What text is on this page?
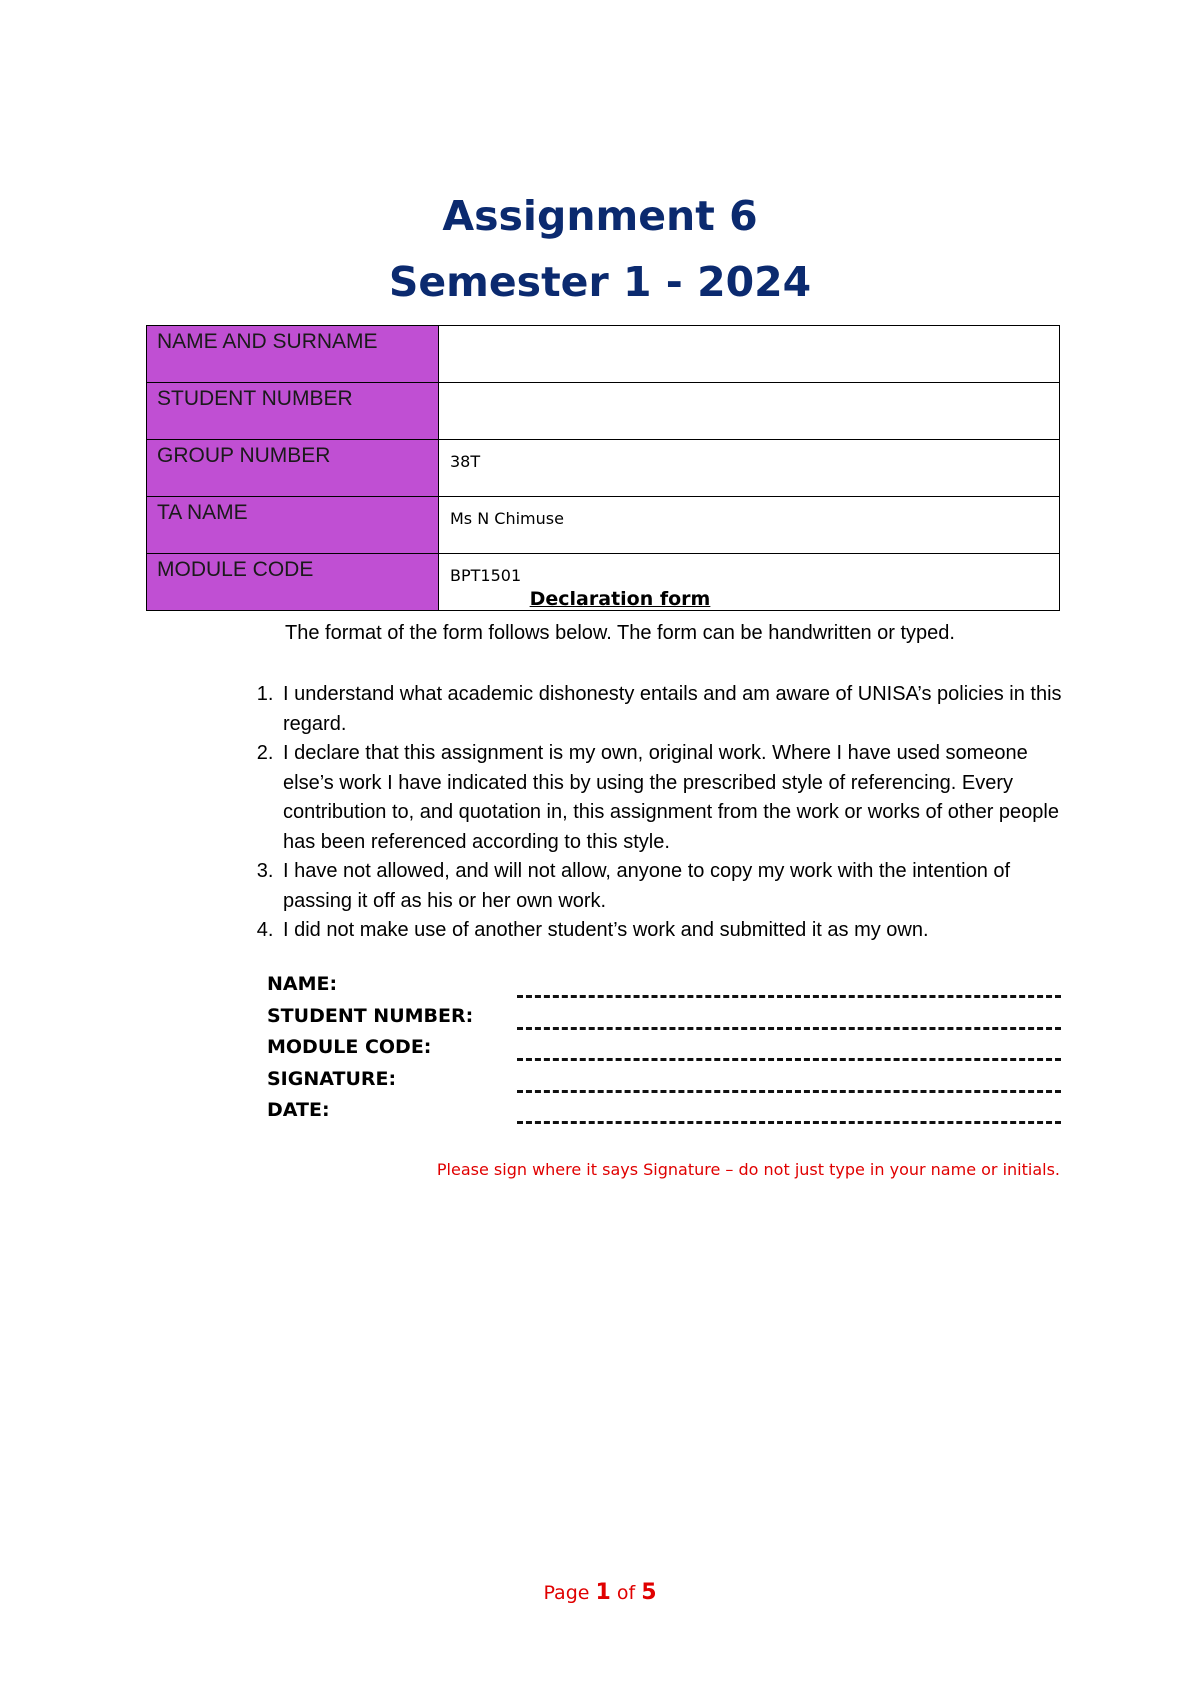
Assignment 6
Semester 1 - 2024
NAME AND SURNAME	
STUDENT NUMBER	
GROUP NUMBER	38T
TA NAME	Ms N Chimuse
MODULE CODE	BPT1501

Declaration form

The format of the form follows below. The form can be handwritten or typed.

1. I understand what academic dishonesty entails and am aware of UNISA’s policies in this regard.
2. I declare that this assignment is my own, original work. Where I have used someone else’s work I have indicated this by using the prescribed style of referencing. Every contribution to, and quotation in, this assignment from the work or works of other people has been referenced according to this style.
3. I have not allowed, and will not allow, anyone to copy my work with the intention of passing it off as his or her own work.
4. I did not make use of another student’s work and submitted it as my own.
NAME:
STUDENT NUMBER:
MODULE CODE:
SIGNATURE:
DATE:
Please sign where it says Signature – do not just type in your name or initials.
Page 1 of 5
